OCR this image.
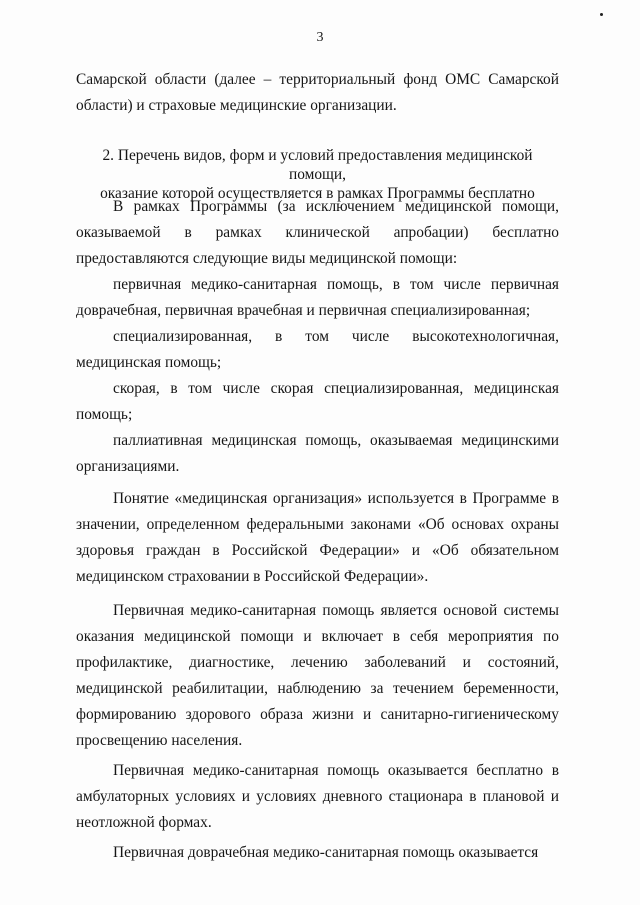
3

Самарской области (далее – территориальный фонд ОМС Самарской области) и страховые медицинские организации.

2. Перечень видов, форм и условий предоставления медицинской помощи,

оказание которой осуществляется в рамках Программы бесплатно

В рамках Программы (за исключением медицинской помощи, оказываемой в рамках клинической апробации) бесплатно предоставляются следующие виды медицинской помощи:

первичная медико-санитарная помощь, в том числе первичная доврачебная, первичная врачебная и первичная специализированная;

специализированная, в том числе высокотехнологичная, медицинская помощь;

скорая, в том числе скорая специализированная, медицинская помощь;

паллиативная медицинская помощь, оказываемая медицинскими организациями.

Понятие «медицинская организация» используется в Программе в значении, определенном федеральными законами «Об основах охраны здоровья граждан в Российской Федерации» и «Об обязательном медицинском страховании в Российской Федерации».

Первичная медико-санитарная помощь является основой системы оказания медицинской помощи и включает в себя мероприятия по профилактике, диагностике, лечению заболеваний и состояний, медицинской реабилитации, наблюдению за течением беременности, формированию здорового образа жизни и санитарно-гигиеническому просвещению населения.

Первичная медико-санитарная помощь оказывается бесплатно в амбулаторных условиях и условиях дневного стационара в плановой и неотложной формах.

Первичная доврачебная медико-санитарная помощь оказывается
